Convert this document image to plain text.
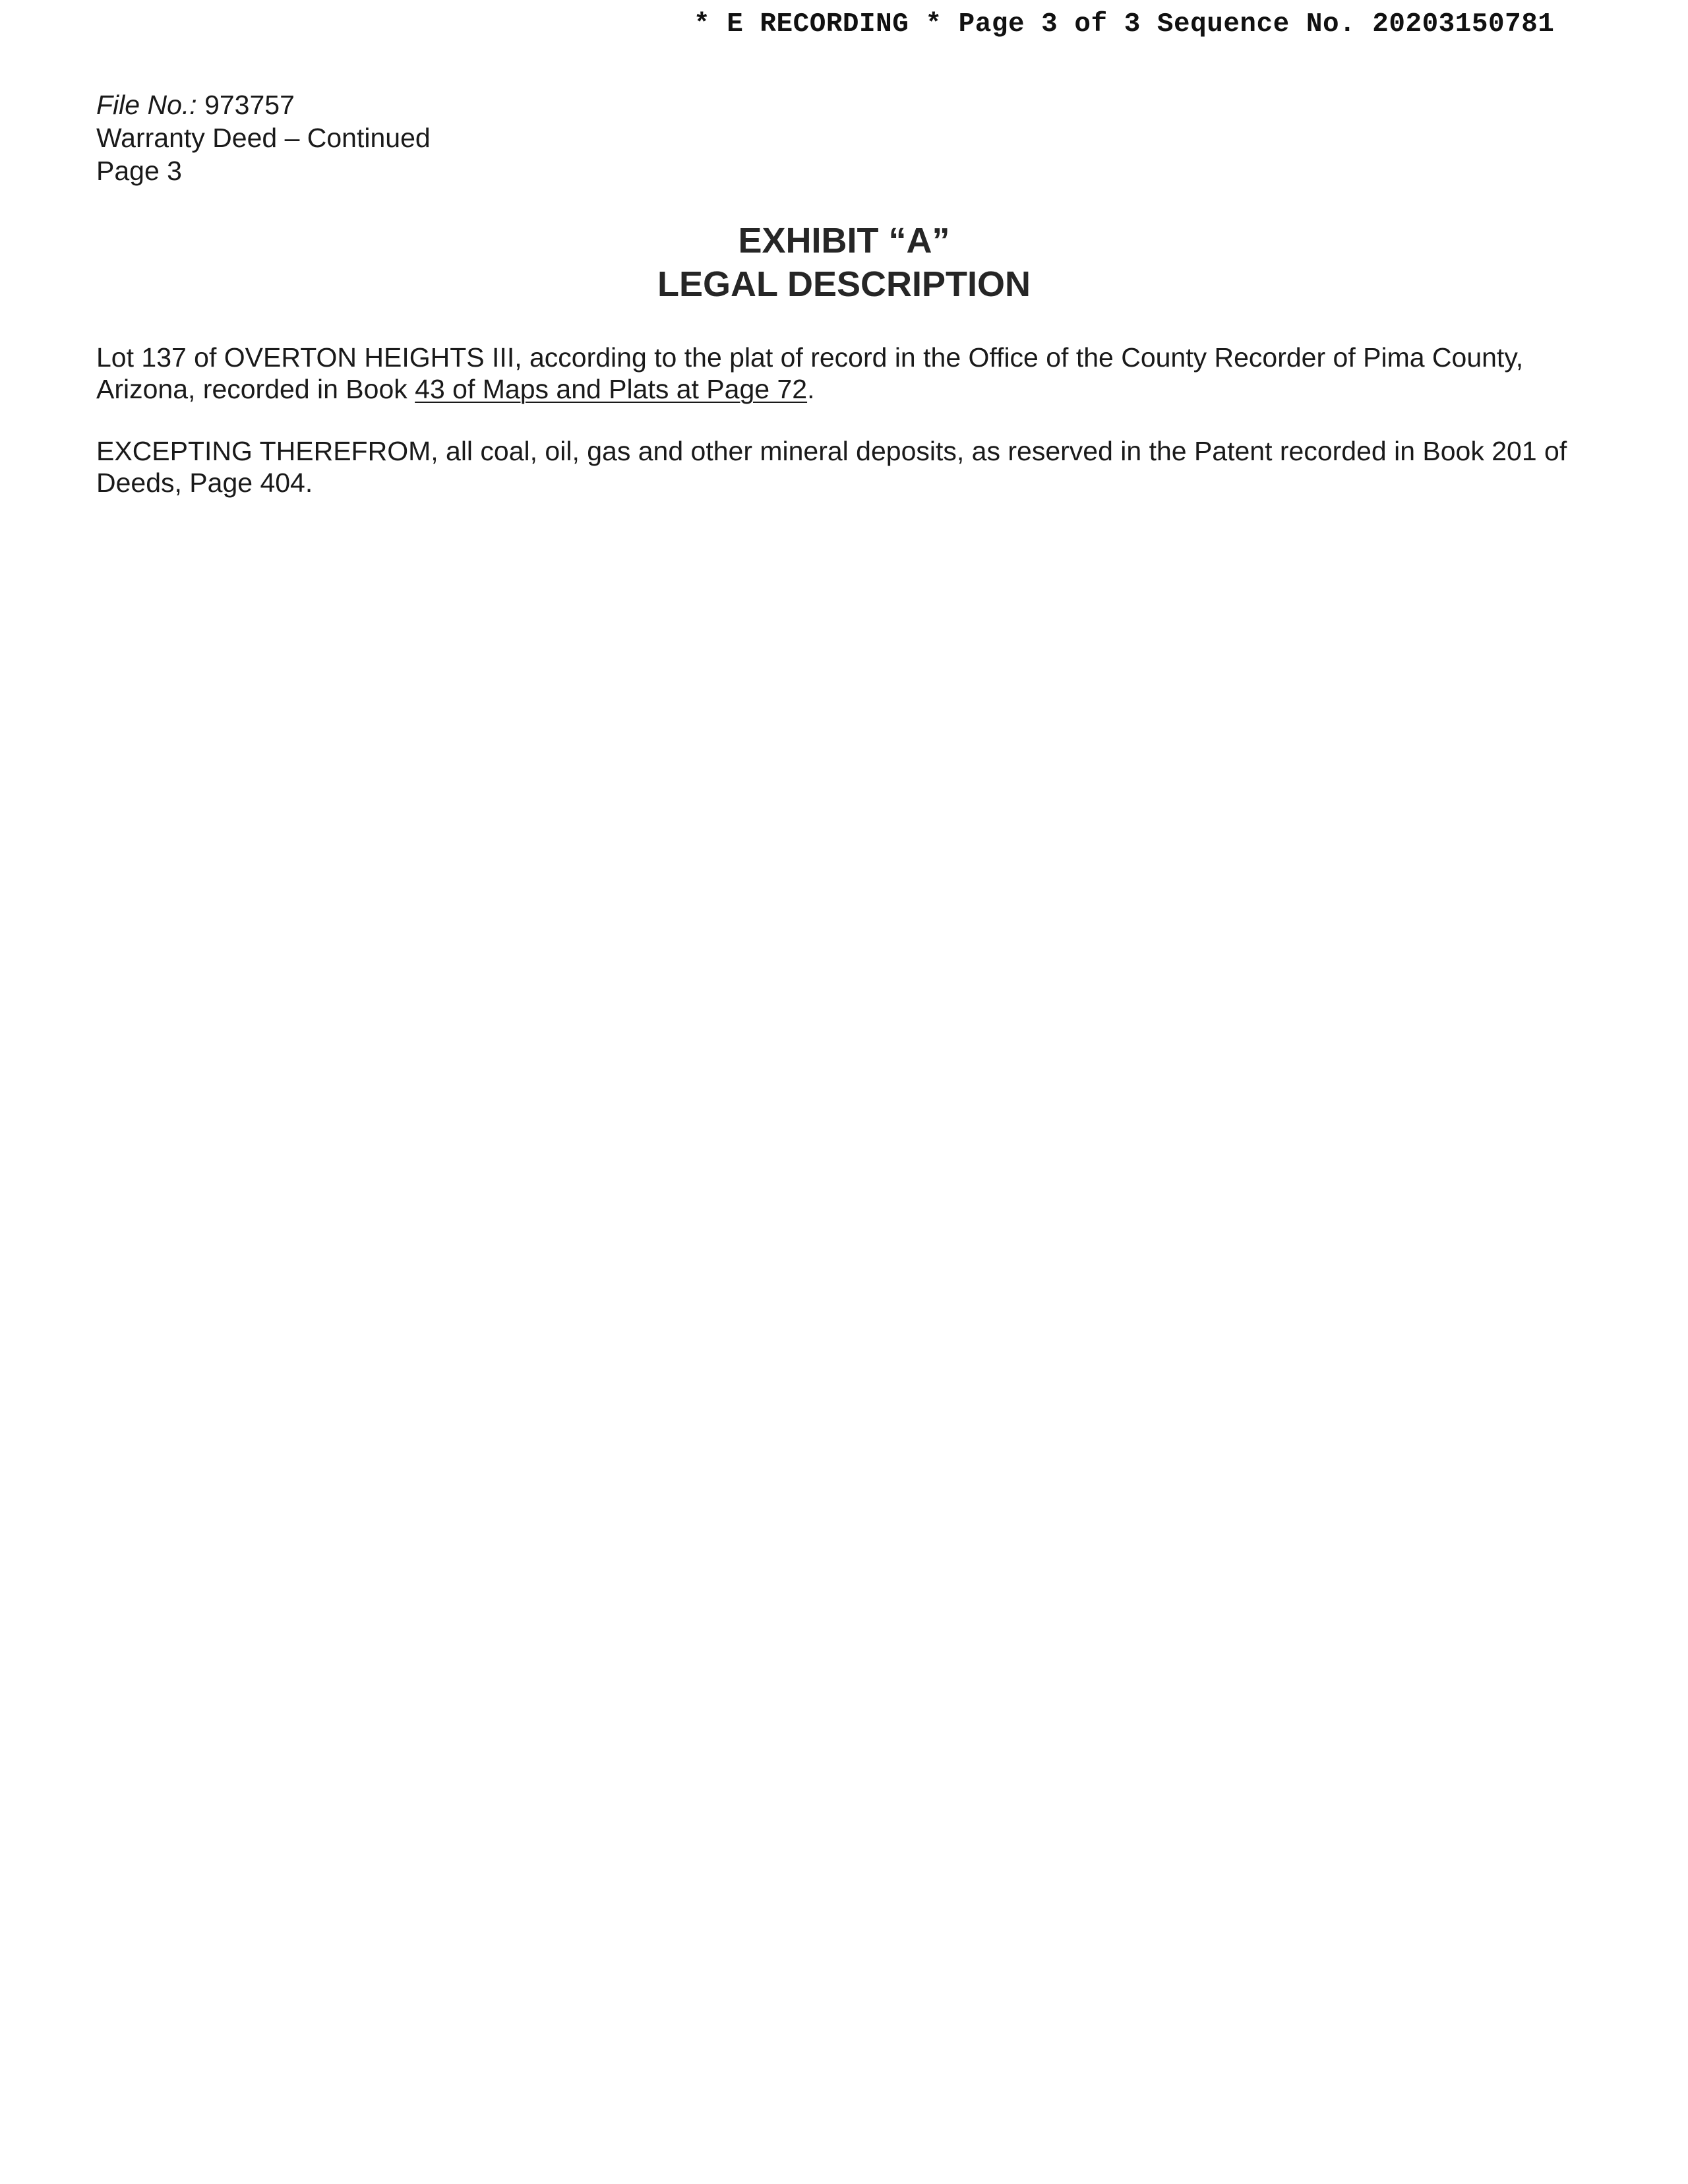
* E RECORDING * Page 3 of 3 Sequence No. 20203150781
File No.: 973757
Warranty Deed – Continued
Page 3
EXHIBIT “A”
LEGAL DESCRIPTION
Lot 137 of OVERTON HEIGHTS III, according to the plat of record in the Office of the County Recorder of Pima County, Arizona, recorded in Book 43 of Maps and Plats at Page 72.
EXCEPTING THEREFROM, all coal, oil, gas and other mineral deposits, as reserved in the Patent recorded in Book 201 of Deeds, Page 404.
